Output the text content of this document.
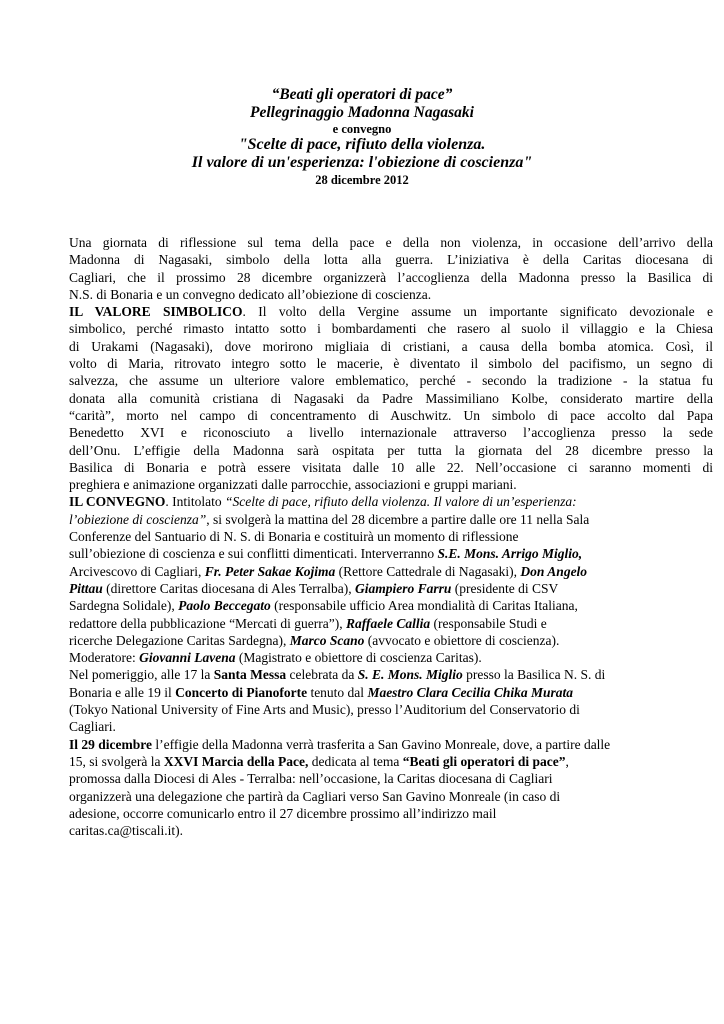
“Beati gli operatori di pace”
Pellegrinaggio Madonna Nagasaki
e convegno
"Scelte di pace, rifiuto della violenza.
Il valore di un'esperienza: l'obiezione di coscienza"
28 dicembre 2012
Una giornata di riflessione sul tema della pace e della non violenza, in occasione dell’arrivo della
Madonna di Nagasaki, simbolo della lotta alla guerra. L’iniziativa è della Caritas diocesana di
Cagliari, che il prossimo 28 dicembre organizzerà l’accoglienza della Madonna presso la Basilica di
N.S. di Bonaria e un convegno dedicato all’obiezione di coscienza.
IL VALORE SIMBOLICO. Il volto della Vergine assume un importante significato devozionale e
simbolico, perché rimasto intatto sotto i bombardamenti che rasero al suolo il villaggio e la Chiesa
di Urakami (Nagasaki), dove morirono migliaia di cristiani, a causa della bomba atomica. Così, il
volto di Maria, ritrovato integro sotto le macerie, è diventato il simbolo del pacifismo, un segno di
salvezza, che assume un ulteriore valore emblematico, perché - secondo la tradizione - la statua fu
donata alla comunità cristiana di Nagasaki da Padre Massimiliano Kolbe, considerato martire della
“carità”, morto nel campo di concentramento di Auschwitz. Un simbolo di pace accolto dal Papa
Benedetto XVI e riconosciuto a livello internazionale attraverso l’accoglienza presso la sede
dell’Onu. L’effigie della Madonna sarà ospitata per tutta la giornata del 28 dicembre presso la
Basilica di Bonaria e potrà essere visitata dalle 10 alle 22. Nell’occasione ci saranno momenti di
preghiera e animazione organizzati dalle parrocchie, associazioni e gruppi mariani.
IL CONVEGNO. Intitolato “Scelte di pace, rifiuto della violenza. Il valore di un’esperienza:
l’obiezione di coscienza”, si svolgerà la mattina del 28 dicembre a partire dalle ore 11 nella Sala
Conferenze del Santuario di N. S. di Bonaria e costituirà un momento di riflessione
sull’obiezione di coscienza e sui conflitti dimenticati. Interverranno S.E. Mons. Arrigo Miglio,
Arcivescovo di Cagliari, Fr. Peter Sakae Kojima (Rettore Cattedrale di Nagasaki), Don Angelo
Pittau (direttore Caritas diocesana di Ales Terralba), Giampiero Farru (presidente di CSV
Sardegna Solidale), Paolo Beccegato (responsabile ufficio Area mondialità di Caritas Italiana,
redattore della pubblicazione “Mercati di guerra”), Raffaele Callia (responsabile Studi e
ricerche Delegazione Caritas Sardegna), Marco Scano (avvocato e obiettore di coscienza).
Moderatore: Giovanni Lavena (Magistrato e obiettore di coscienza Caritas).
Nel pomeriggio, alle 17 la Santa Messa celebrata da S. E. Mons. Miglio presso la Basilica N. S. di
Bonaria e alle 19 il Concerto di Pianoforte tenuto dal Maestro Clara Cecilia Chika Murata
(Tokyo National University of Fine Arts and Music), presso l’Auditorium del Conservatorio di
Cagliari.
Il 29 dicembre l’effigie della Madonna verrà trasferita a San Gavino Monreale, dove, a partire dalle
15, si svolgerà la XXVI Marcia della Pace, dedicata al tema “Beati gli operatori di pace”,
promossa dalla Diocesi di Ales - Terralba: nell’occasione, la Caritas diocesana di Cagliari
organizzerà una delegazione che partirà da Cagliari verso San Gavino Monreale (in caso di
adesione, occorre comunicarlo entro il 27 dicembre prossimo all’indirizzo mail
caritas.ca@tiscali.it).
